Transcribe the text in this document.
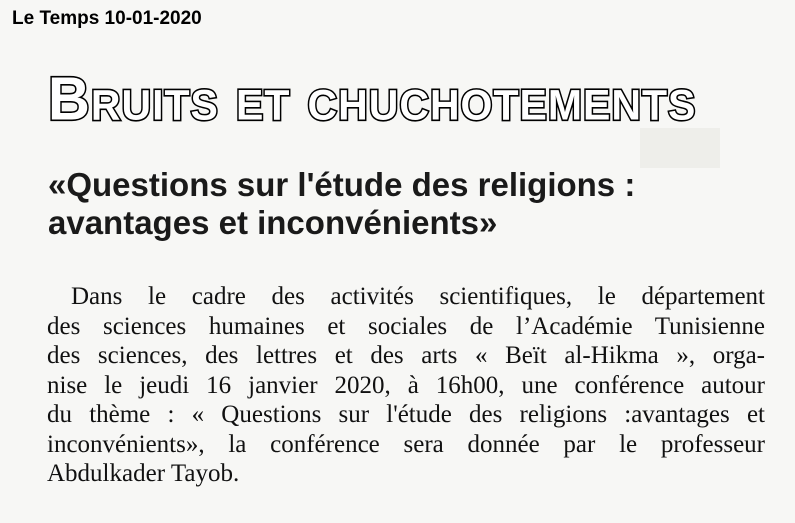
Le Temps 10-01-2020
Bruits et chuchotements
«Questions sur l'étude des religions :
avantages et inconvénients»
Dans le cadre des activités scientifiques, le département
des sciences humaines et sociales de l’Académie Tunisienne
des sciences, des lettres et des arts « Beït al-Hikma », orga-
nise le jeudi 16 janvier 2020, à 16h00, une conférence autour
du thème : « Questions sur l'étude des religions :avantages et
inconvénients», la conférence sera donnée par le professeur
Abdulkader Tayob.
